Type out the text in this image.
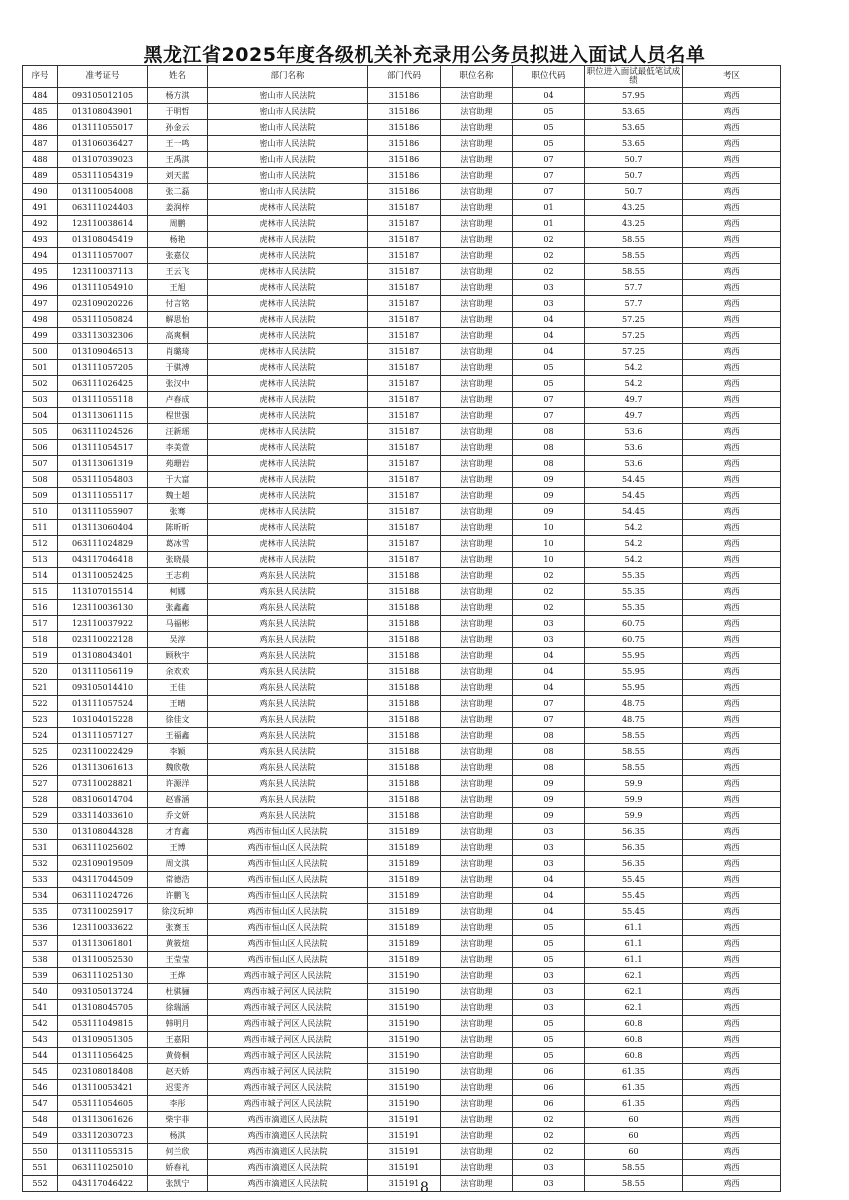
黑龙江省2025年度各级机关补充录用公务员拟进入面试人员名单
序号	准考证号	姓名	部门名称	部门代码	职位名称	职位代码	职位进入面试最低笔试成绩	考区
484	093105012105	杨方淇	密山市人民法院	315186	法官助理	04	57.95	鸡西
485	013108043901	于明哲	密山市人民法院	315186	法官助理	05	53.65	鸡西
486	013111055017	孙金云	密山市人民法院	315186	法官助理	05	53.65	鸡西
487	013106036427	王一鸣	密山市人民法院	315186	法官助理	05	53.65	鸡西
488	013107039023	王禹淇	密山市人民法院	315186	法官助理	07	50.7	鸡西
489	053111054319	刘天蓝	密山市人民法院	315186	法官助理	07	50.7	鸡西
490	013110054008	张二磊	密山市人民法院	315186	法官助理	07	50.7	鸡西
491	063111024403	姜润梓	虎林市人民法院	315187	法官助理	01	43.25	鸡西
492	123110038614	周鹏	虎林市人民法院	315187	法官助理	01	43.25	鸡西
493	013108045419	杨艳	虎林市人民法院	315187	法官助理	02	58.55	鸡西
494	013111057007	张嘉仪	虎林市人民法院	315187	法官助理	02	58.55	鸡西
495	123110037113	王云飞	虎林市人民法院	315187	法官助理	02	58.55	鸡西
496	013111054910	王旭	虎林市人民法院	315187	法官助理	03	57.7	鸡西
497	023109020226	付言铭	虎林市人民法院	315187	法官助理	03	57.7	鸡西
498	053111050824	解思怡	虎林市人民法院	315187	法官助理	04	57.25	鸡西
499	033113032306	高爽桐	虎林市人民法院	315187	法官助理	04	57.25	鸡西
500	013109046513	肖璐琦	虎林市人民法院	315187	法官助理	04	57.25	鸡西
501	013111057205	于骐溥	虎林市人民法院	315187	法官助理	05	54.2	鸡西
502	063111026425	张汉中	虎林市人民法院	315187	法官助理	05	54.2	鸡西
503	013111055118	卢春成	虎林市人民法院	315187	法官助理	07	49.7	鸡西
504	013113061115	程世强	虎林市人民法院	315187	法官助理	07	49.7	鸡西
505	063111024526	汪新瑶	虎林市人民法院	315187	法官助理	08	53.6	鸡西
506	013111054517	李美萱	虎林市人民法院	315187	法官助理	08	53.6	鸡西
507	013113061319	苑珊岩	虎林市人民法院	315187	法官助理	08	53.6	鸡西
508	053111054803	于大富	虎林市人民法院	315187	法官助理	09	54.45	鸡西
509	013111055117	魏士超	虎林市人民法院	315187	法官助理	09	54.45	鸡西
510	013111055907	张骞	虎林市人民法院	315187	法官助理	09	54.45	鸡西
511	013113060404	陈昕昕	虎林市人民法院	315187	法官助理	10	54.2	鸡西
512	063111024829	葛冰雪	虎林市人民法院	315187	法官助理	10	54.2	鸡西
513	043117046418	张晓晨	虎林市人民法院	315187	法官助理	10	54.2	鸡西
514	013110052425	王志莉	鸡东县人民法院	315188	法官助理	02	55.35	鸡西
515	113107015514	柯娜	鸡东县人民法院	315188	法官助理	02	55.35	鸡西
516	123110036130	张鑫鑫	鸡东县人民法院	315188	法官助理	02	55.35	鸡西
517	123110037922	马福彬	鸡东县人民法院	315188	法官助理	03	60.75	鸡西
518	023110022128	吴淳	鸡东县人民法院	315188	法官助理	03	60.75	鸡西
519	013108043401	顾秋宇	鸡东县人民法院	315188	法官助理	04	55.95	鸡西
520	013111056119	余欢欢	鸡东县人民法院	315188	法官助理	04	55.95	鸡西
521	093105014410	王佳	鸡东县人民法院	315188	法官助理	04	55.95	鸡西
522	013111057524	王晴	鸡东县人民法院	315188	法官助理	07	48.75	鸡西
523	103104015228	徐佳文	鸡东县人民法院	315188	法官助理	07	48.75	鸡西
524	013111057127	王福鑫	鸡东县人民法院	315188	法官助理	08	58.55	鸡西
525	023110022429	李颖	鸡东县人民法院	315188	法官助理	08	58.55	鸡西
526	013113061613	魏欣敬	鸡东县人民法院	315188	法官助理	08	58.55	鸡西
527	073110028821	许源洋	鸡东县人民法院	315188	法官助理	09	59.9	鸡西
528	083106014704	赵睿涵	鸡东县人民法院	315188	法官助理	09	59.9	鸡西
529	033114033610	乔文妍	鸡东县人民法院	315188	法官助理	09	59.9	鸡西
530	013108044328	才育鑫	鸡西市恒山区人民法院	315189	法官助理	03	56.35	鸡西
531	063111025602	王博	鸡西市恒山区人民法院	315189	法官助理	03	56.35	鸡西
532	023109019509	周文淇	鸡西市恒山区人民法院	315189	法官助理	03	56.35	鸡西
533	043117044509	常德浩	鸡西市恒山区人民法院	315189	法官助理	04	55.45	鸡西
534	063111024726	许鹏飞	鸡西市恒山区人民法院	315189	法官助理	04	55.45	鸡西
535	073110025917	徐汶玩坤	鸡西市恒山区人民法院	315189	法官助理	04	55.45	鸡西
536	123110033622	张赛玉	鸡西市恒山区人民法院	315189	法官助理	05	61.1	鸡西
537	013113061801	黄筱煊	鸡西市恒山区人民法院	315189	法官助理	05	61.1	鸡西
538	013110052530	王莹莹	鸡西市恒山区人民法院	315189	法官助理	05	61.1	鸡西
539	063111025130	王烨	鸡西市城子河区人民法院	315190	法官助理	03	62.1	鸡西
540	093105013724	杜骐骊	鸡西市城子河区人民法院	315190	法官助理	03	62.1	鸡西
541	013108045705	徐瑞涵	鸡西市城子河区人民法院	315190	法官助理	03	62.1	鸡西
542	053111049815	韩明月	鸡西市城子河区人民法院	315190	法官助理	05	60.8	鸡西
543	013109051305	王嘉阳	鸡西市城子河区人民法院	315190	法官助理	05	60.8	鸡西
544	013111056425	黄倚桐	鸡西市城子河区人民法院	315190	法官助理	05	60.8	鸡西
545	023108018408	赵天娇	鸡西市城子河区人民法院	315190	法官助理	06	61.35	鸡西
546	013110053421	迟雯齐	鸡西市城子河区人民法院	315190	法官助理	06	61.35	鸡西
547	053111054605	李彤	鸡西市城子河区人民法院	315190	法官助理	06	61.35	鸡西
548	013113061626	柴宇菲	鸡西市滴道区人民法院	315191	法官助理	02	60	鸡西
549	033112030723	杨淇	鸡西市滴道区人民法院	315191	法官助理	02	60	鸡西
550	013111055315	何兰欣	鸡西市滴道区人民法院	315191	法官助理	02	60	鸡西
551	063111025010	娇春礼	鸡西市滴道区人民法院	315191	法官助理	03	58.55	鸡西
552	043117046422	张凯宁	鸡西市滴道区人民法院	315191	法官助理	03	58.55	鸡西
8
